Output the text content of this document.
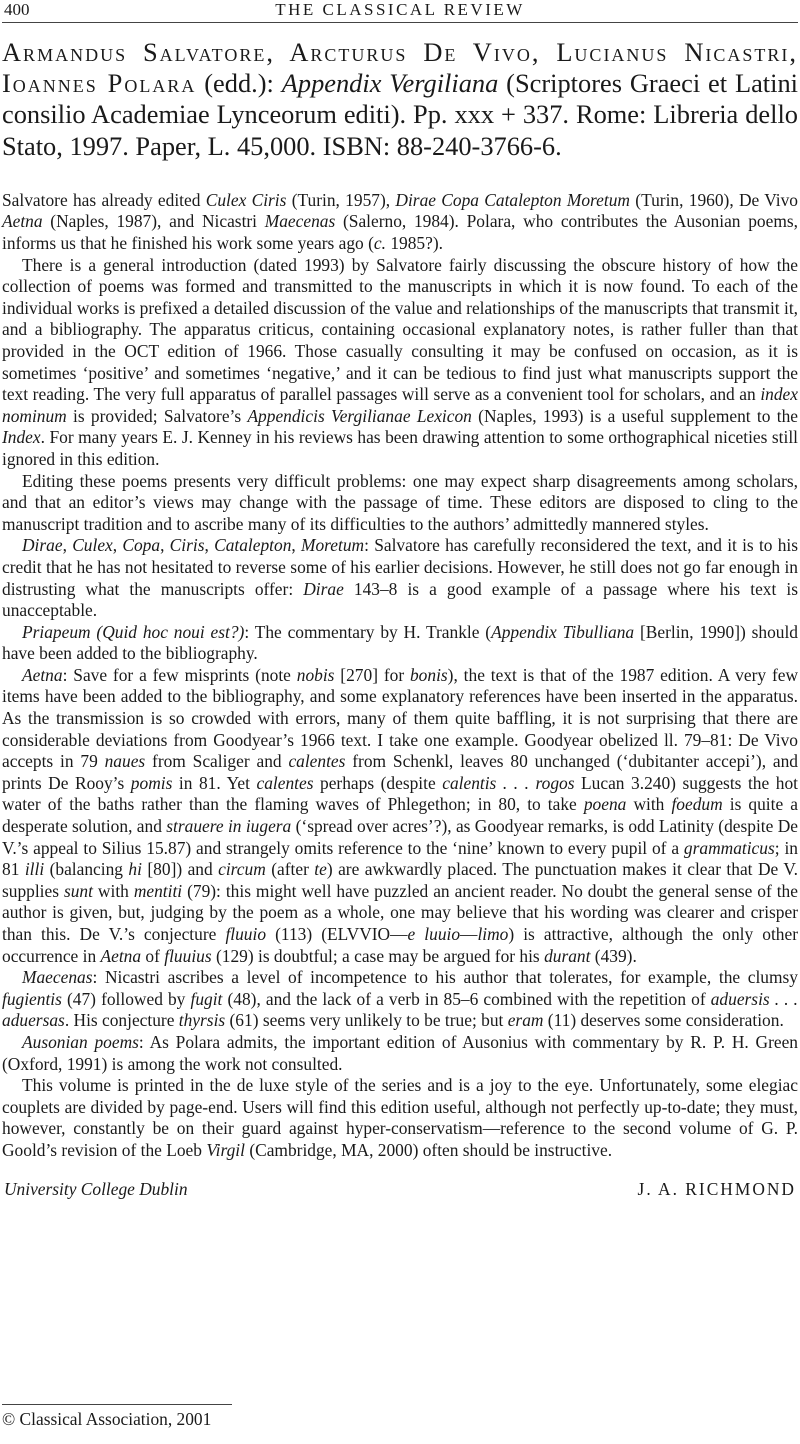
400	THE CLASSICAL REVIEW
Armandus Salvatore, Arcturus De Vivo, Lucianus Nicastri, Ioannes Polara (edd.): Appendix Vergiliana (Scriptores Graeci et Latini consilio Academiae Lynceorum editi). Pp. xxx + 337. Rome: Libreria dello Stato, 1997. Paper, L. 45,000. ISBN: 88-240-3766-6.

Salvatore has already edited Culex Ciris (Turin, 1957), Dirae Copa Catalepton Moretum (Turin, 1960), De Vivo Aetna (Naples, 1987), and Nicastri Maecenas (Salerno, 1984). Polara, who contributes the Ausonian poems, informs us that he finished his work some years ago (c. 1985?).

There is a general introduction (dated 1993) by Salvatore fairly discussing the obscure history of how the collection of poems was formed and transmitted to the manuscripts in which it is now found. To each of the individual works is prefixed a detailed discussion of the value and relationships of the manuscripts that transmit it, and a bibliography. The apparatus criticus, containing occasional explanatory notes, is rather fuller than that provided in the OCT edition of 1966. Those casually consulting it may be confused on occasion, as it is sometimes ‘positive’ and sometimes ‘negative,’ and it can be tedious to find just what manuscripts support the text reading. The very full apparatus of parallel passages will serve as a convenient tool for scholars, and an index nominum is provided; Salvatore’s Appendicis Vergilianae Lexicon (Naples, 1993) is a useful supplement to the Index. For many years E. J. Kenney in his reviews has been drawing attention to some orthographical niceties still ignored in this edition.

Editing these poems presents very difficult problems: one may expect sharp disagreements among scholars, and that an editor’s views may change with the passage of time. These editors are disposed to cling to the manuscript tradition and to ascribe many of its difficulties to the authors’ admittedly mannered styles.

Dirae, Culex, Copa, Ciris, Catalepton, Moretum: Salvatore has carefully reconsidered the text, and it is to his credit that he has not hesitated to reverse some of his earlier decisions. However, he still does not go far enough in distrusting what the manuscripts offer: Dirae 143–8 is a good example of a passage where his text is unacceptable.

Priapeum (Quid hoc noui est?): The commentary by H. Trankle (Appendix Tibulliana [Berlin, 1990]) should have been added to the bibliography.

Aetna: Save for a few misprints (note nobis [270] for bonis), the text is that of the 1987 edition. A very few items have been added to the bibliography, and some explanatory references have been inserted in the apparatus. As the transmission is so crowded with errors, many of them quite baffling, it is not surprising that there are considerable deviations from Goodyear’s 1966 text. I take one example. Goodyear obelized ll. 79–81: De Vivo accepts in 79 naues from Scaliger and calentes from Schenkl, leaves 80 unchanged (‘dubitanter accepi’), and prints De Rooy’s pomis in 81. Yet calentes perhaps (despite calentis . . . rogos Lucan 3.240) suggests the hot water of the baths rather than the flaming waves of Phlegethon; in 80, to take poena with foedum is quite a desperate solution, and strauere in iugera (‘spread over acres’?), as Goodyear remarks, is odd Latinity (despite De V.’s appeal to Silius 15.87) and strangely omits reference to the ‘nine’ known to every pupil of a grammaticus; in 81 illi (balancing hi [80]) and circum (after te) are awkwardly placed. The punctuation makes it clear that De V. supplies sunt with mentiti (79): this might well have puzzled an ancient reader. No doubt the general sense of the author is given, but, judging by the poem as a whole, one may believe that his wording was clearer and crisper than this. De V.’s conjecture fluuio (113) (ELVVIO—e luuio—limo) is attractive, although the only other occurrence in Aetna of fluuius (129) is doubtful; a case may be argued for his durant (439).

Maecenas: Nicastri ascribes a level of incompetence to his author that tolerates, for example, the clumsy fugientis (47) followed by fugit (48), and the lack of a verb in 85–6 combined with the repetition of aduersis . . . aduersas. His conjecture thyrsis (61) seems very unlikely to be true; but eram (11) deserves some consideration.

Ausonian poems: As Polara admits, the important edition of Ausonius with commentary by R. P. H. Green (Oxford, 1991) is among the work not consulted.

This volume is printed in the de luxe style of the series and is a joy to the eye. Unfortunately, some elegiac couplets are divided by page-end. Users will find this edition useful, although not perfectly up-to-date; they must, however, constantly be on their guard against hyper-conservatism—reference to the second volume of G. P. Goold’s revision of the Loeb Virgil (Cambridge, MA, 2000) often should be instructive.

University College Dublin	J. A. RICHMOND
© Classical Association, 2001
